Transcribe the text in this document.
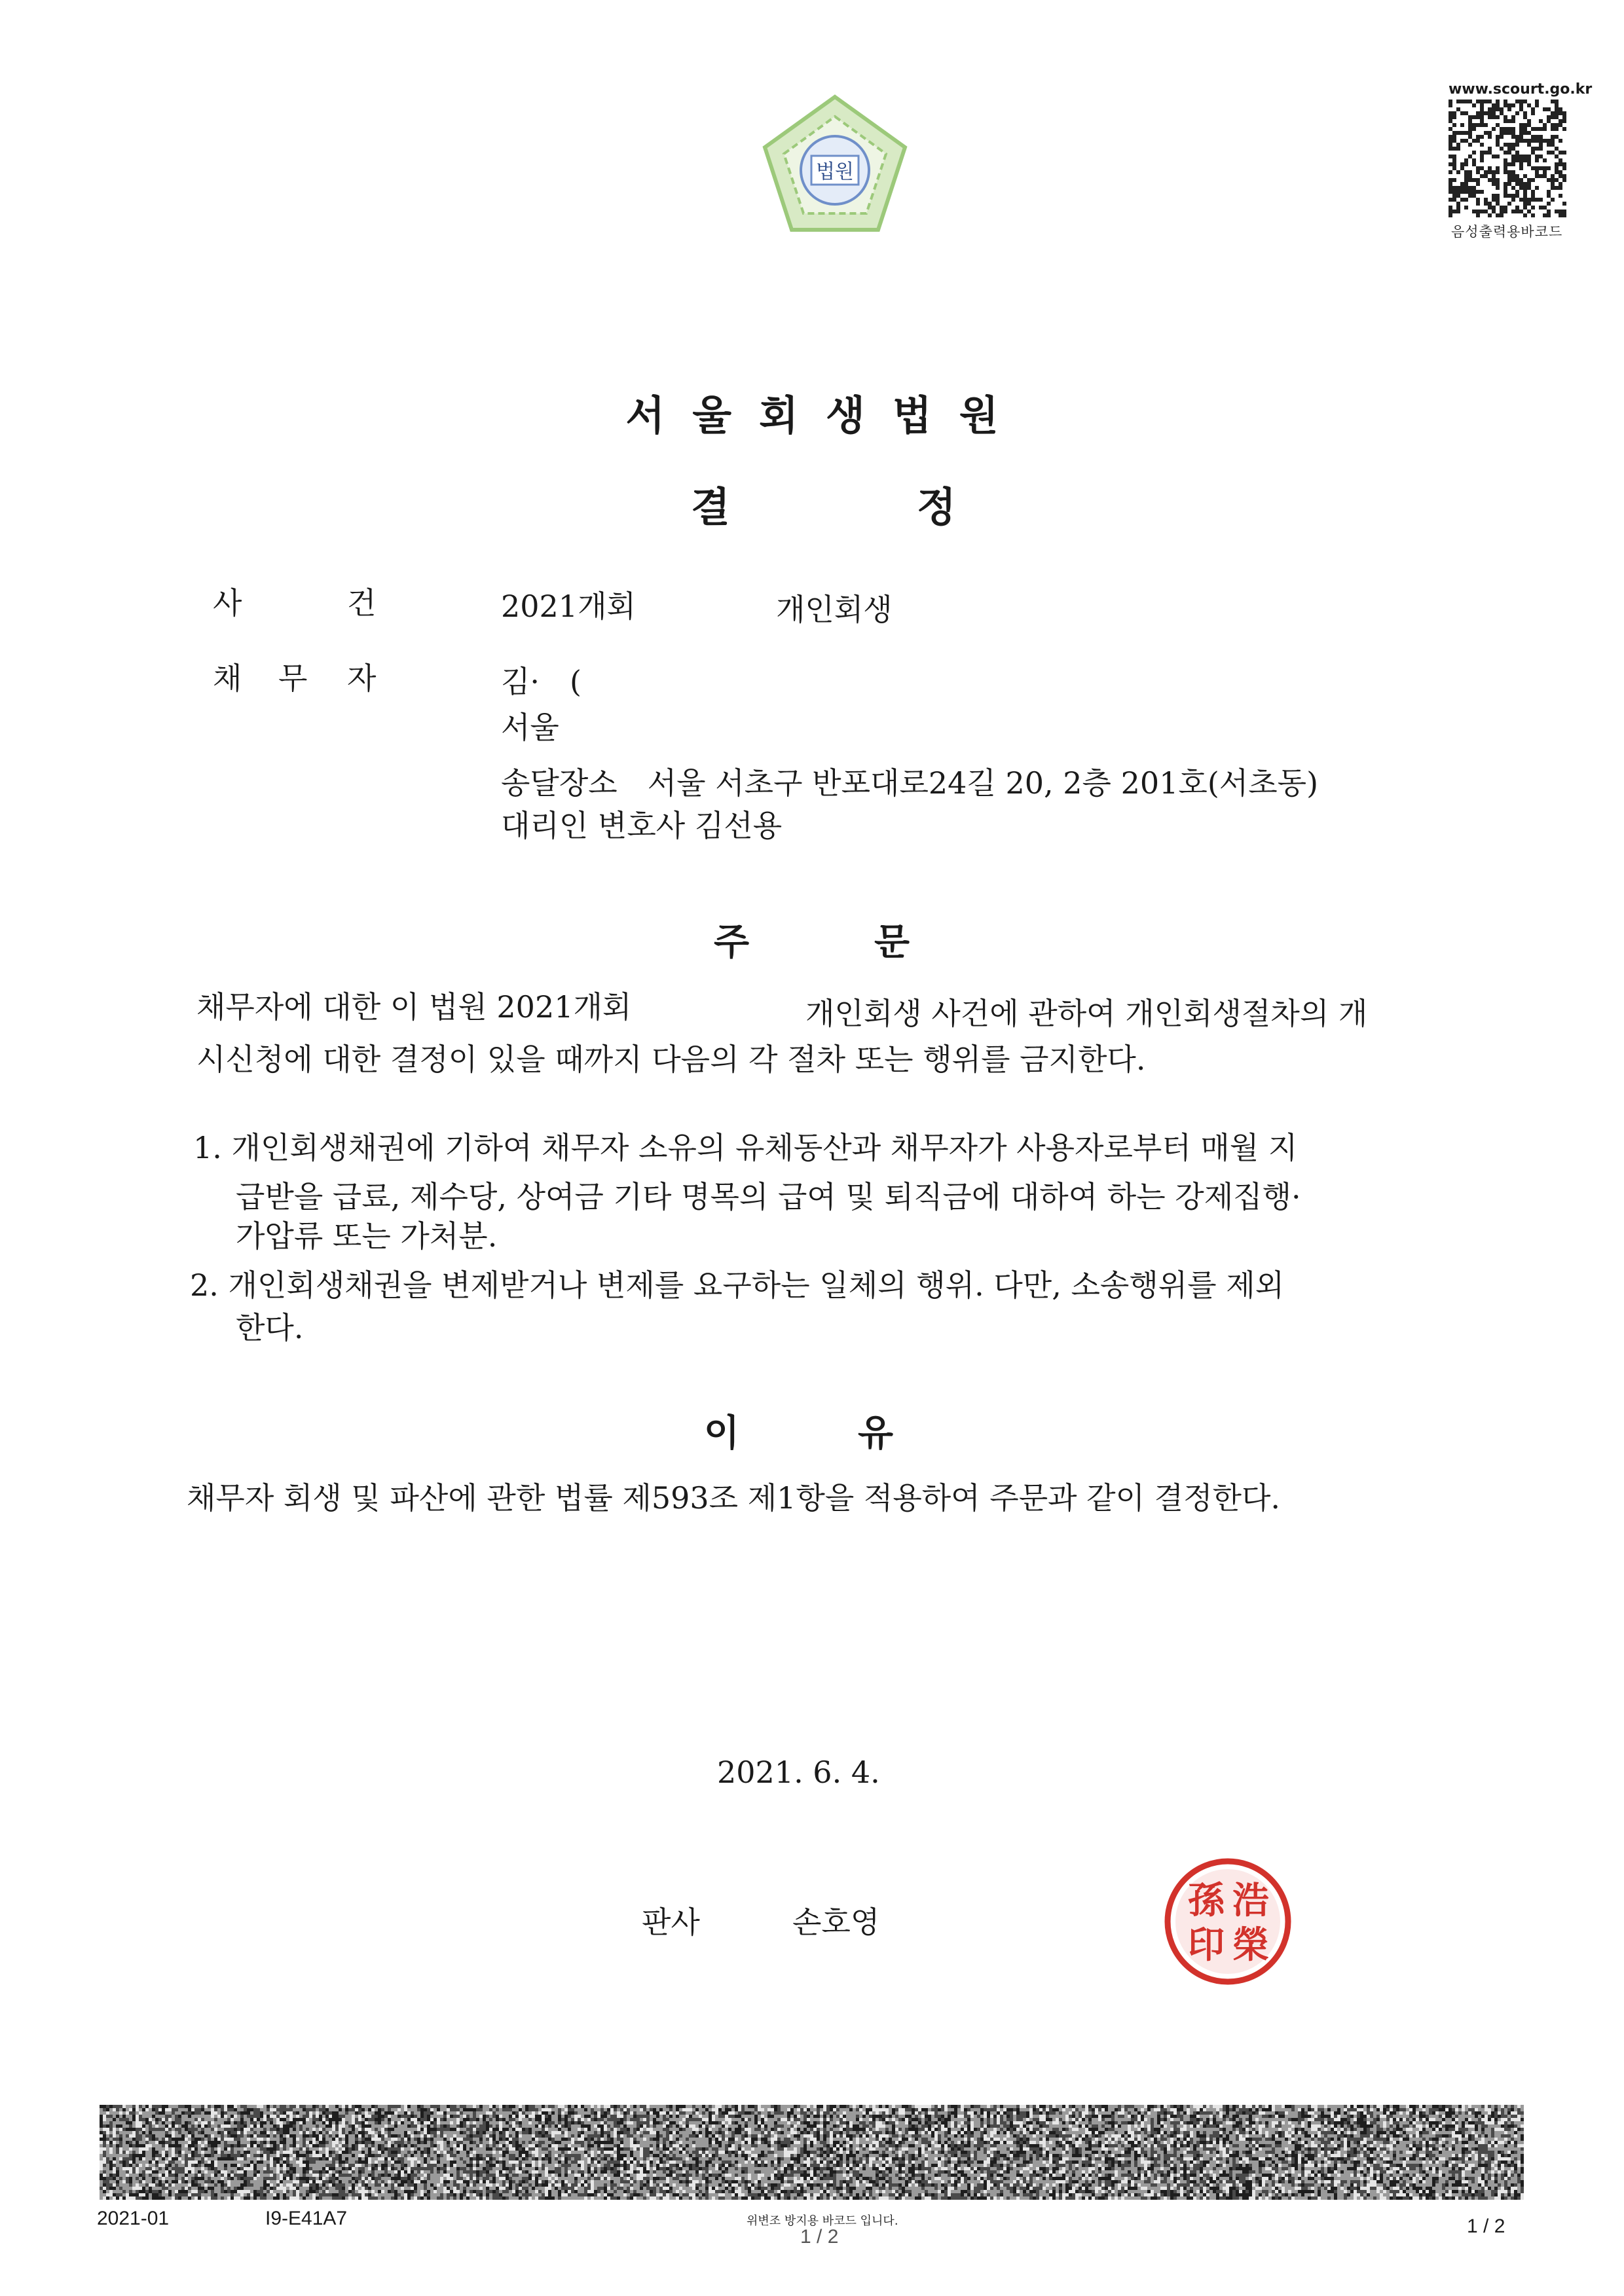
법원
www.scourt.go.kr
음성출력용바코드
서울회생법원
결	정
사	건	2021개회	개인회생
채 무 자	김·　(
서울
송달장소　서울 서초구 반포대로24길 20, 2층 201호(서초동)
대리인 변호사 김선용
주	문
채무자에 대한 이 법원 2021개회	개인회생 사건에 관하여 개인회생절차의 개
시신청에 대한 결정이 있을 때까지 다음의 각 절차 또는 행위를 금지한다.
1. 개인회생채권에 기하여 채무자 소유의 유체동산과 채무자가 사용자로부터 매월 지
급받을 급료, 제수당, 상여금 기타 명목의 급여 및 퇴직금에 대하여 하는 강제집행·
가압류 또는 가처분.
2. 개인회생채권을 변제받거나 변제를 요구하는 일체의 행위. 다만, 소송행위를 제외
한다.
이	유
채무자 회생 및 파산에 관한 법률 제593조 제1항을 적용하여 주문과 같이 결정한다.
2021. 6. 4.
판사	손호영	浩
榮
孫
印
2021-01	I9-E41A7	위변조 방지용 바코드 입니다.
1 / 2	1 / 2
